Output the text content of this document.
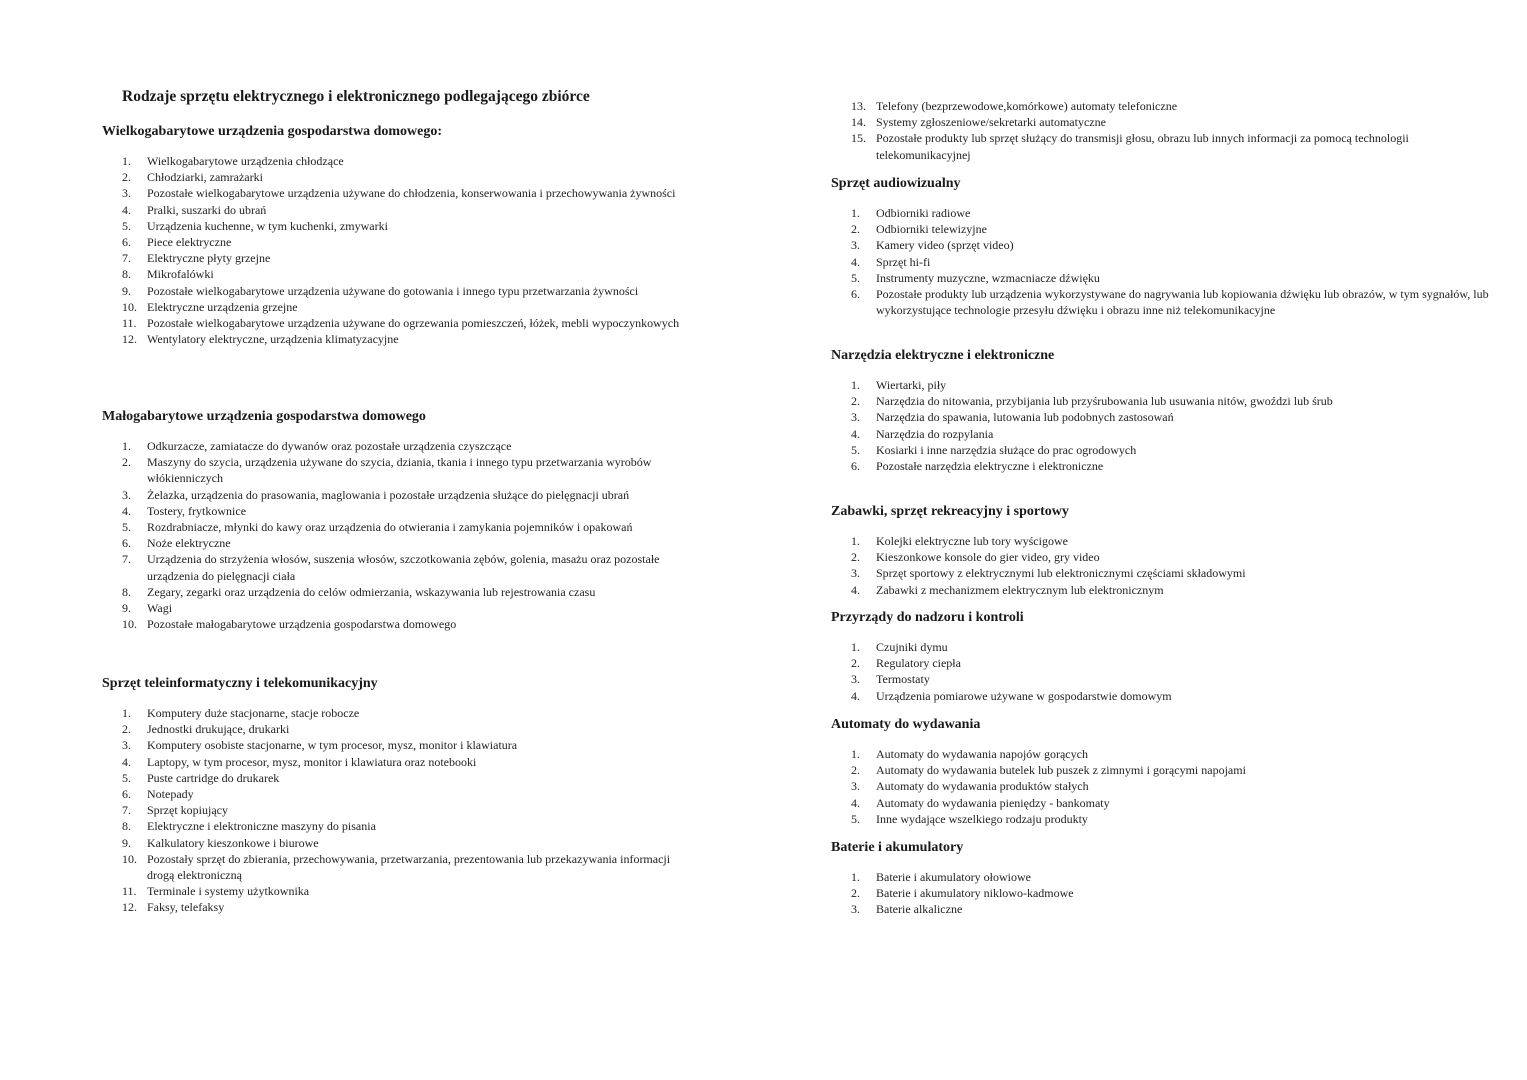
Rodzaje sprzętu elektrycznego i elektronicznego podlegającego zbiórce
Wielkogabarytowe urządzenia gospodarstwa domowego:
1.	Wielkogabarytowe urządzenia chłodzące
2.	Chłodziarki, zamrażarki
3.	Pozostałe wielkogabarytowe urządzenia używane do chłodzenia, konserwowania i przechowywania żywności
4.	Pralki, suszarki do ubrań
5.	Urządzenia kuchenne, w tym kuchenki, zmywarki
6.	Piece elektryczne
7.	Elektryczne płyty grzejne
8.	Mikrofalówki
9.	Pozostałe wielkogabarytowe urządzenia używane do gotowania i innego typu przetwarzania żywności
10. Elektryczne urządzenia grzejne
11. Pozostałe wielkogabarytowe urządzenia używane do ogrzewania pomieszczeń, łóżek, mebli wypoczynkowych
12. Wentylatory elektryczne, urządzenia klimatyzacyjne
Małogabarytowe urządzenia gospodarstwa domowego
1.	Odkurzacze, zamiatacze do dywanów oraz pozostałe urządzenia czyszczące
2.	Maszyny do szycia, urządzenia używane do szycia, dziania, tkania i innego typu przetwarzania wyrobów włókienniczych
3.	Żelazka, urządzenia do prasowania, maglowania i pozostałe urządzenia służące do pielęgnacji ubrań
4.	Tostery, frytkownice
5.	Rozdrabniacze, młynki do kawy oraz urządzenia do otwierania i zamykania pojemników i opakowań
6.	Noże elektryczne
7.	Urządzenia do strzyżenia włosów, suszenia włosów, szczotkowania zębów, golenia, masażu oraz pozostałe urządzenia do pielęgnacji ciała
8.	Zegary, zegarki oraz urządzenia do celów odmierzania, wskazywania lub rejestrowania czasu
9.	Wagi
10. Pozostałe małogabarytowe urządzenia gospodarstwa domowego
Sprzęt teleinformatyczny i telekomunikacyjny
1.	Komputery duże stacjonarne, stacje robocze
2.	Jednostki drukujące, drukarki
3.	Komputery osobiste stacjonarne, w tym procesor, mysz, monitor i klawiatura
4.	Laptopy, w tym procesor, mysz, monitor i klawiatura oraz notebooki
5.	Puste cartridge do drukarek
6.	Notepady
7.	Sprzęt kopiujący
8.	Elektryczne i elektroniczne maszyny do pisania
9.	Kalkulatory kieszonkowe i biurowe
10. Pozostały sprzęt do zbierania, przechowywania, przetwarzania, prezentowania lub przekazywania informacji drogą elektroniczną
11. Terminale i systemy użytkownika
12. Faksy, telefaksy
13. Telefony (bezprzewodowe,komórkowe) automaty telefoniczne
14. Systemy zgłoszeniowe/sekretarki automatyczne
15. Pozostałe produkty lub sprzęt służący do transmisji głosu, obrazu lub innych informacji za pomocą technologii telekomunikacyjnej
Sprzęt audiowizualny
1.	Odbiorniki radiowe
2.	Odbiorniki telewizyjne
3.	Kamery video (sprzęt video)
4.	Sprzęt hi-fi
5.	Instrumenty muzyczne, wzmacniacze dźwięku
6.	Pozostałe produkty lub urządzenia wykorzystywane do nagrywania lub kopiowania dźwięku lub obrazów, w tym sygnałów, lub wykorzystujące technologie przesyłu dźwięku i obrazu inne niż telekomunikacyjne
Narzędzia elektryczne i elektroniczne
1.	Wiertarki, piły
2.	Narzędzia do nitowania, przybijania lub przyśrubowania lub usuwania nitów, gwoździ lub śrub
3.	Narzędzia do spawania, lutowania lub podobnych zastosowań
4.	Narzędzia do rozpylania
5.	Kosiarki i inne narzędzia służące do prac ogrodowych
6.	Pozostałe narzędzia elektryczne i elektroniczne
Zabawki, sprzęt rekreacyjny i sportowy
1.	Kolejki elektryczne lub tory wyścigowe
2.	Kieszonkowe konsole do gier video, gry video
3.	Sprzęt sportowy z elektrycznymi lub elektronicznymi częściami składowymi
4.	Zabawki z mechanizmem elektrycznym lub elektronicznym
Przyrządy do nadzoru i kontroli
1.	Czujniki dymu
2.	Regulatory ciepła
3.	Termostaty
4.	Urządzenia pomiarowe używane w gospodarstwie domowym
Automaty do wydawania
1.	Automaty do wydawania napojów gorących
2.	Automaty do wydawania butelek lub puszek z zimnymi i gorącymi napojami
3.	Automaty do wydawania produktów stałych
4.	Automaty do wydawania pieniędzy - bankomaty
5.	Inne wydające wszelkiego rodzaju produkty
Baterie i akumulatory
1.	Baterie i akumulatory ołowiowe
2.	Baterie i akumulatory niklowo-kadmowe
3.	Baterie alkaliczne
